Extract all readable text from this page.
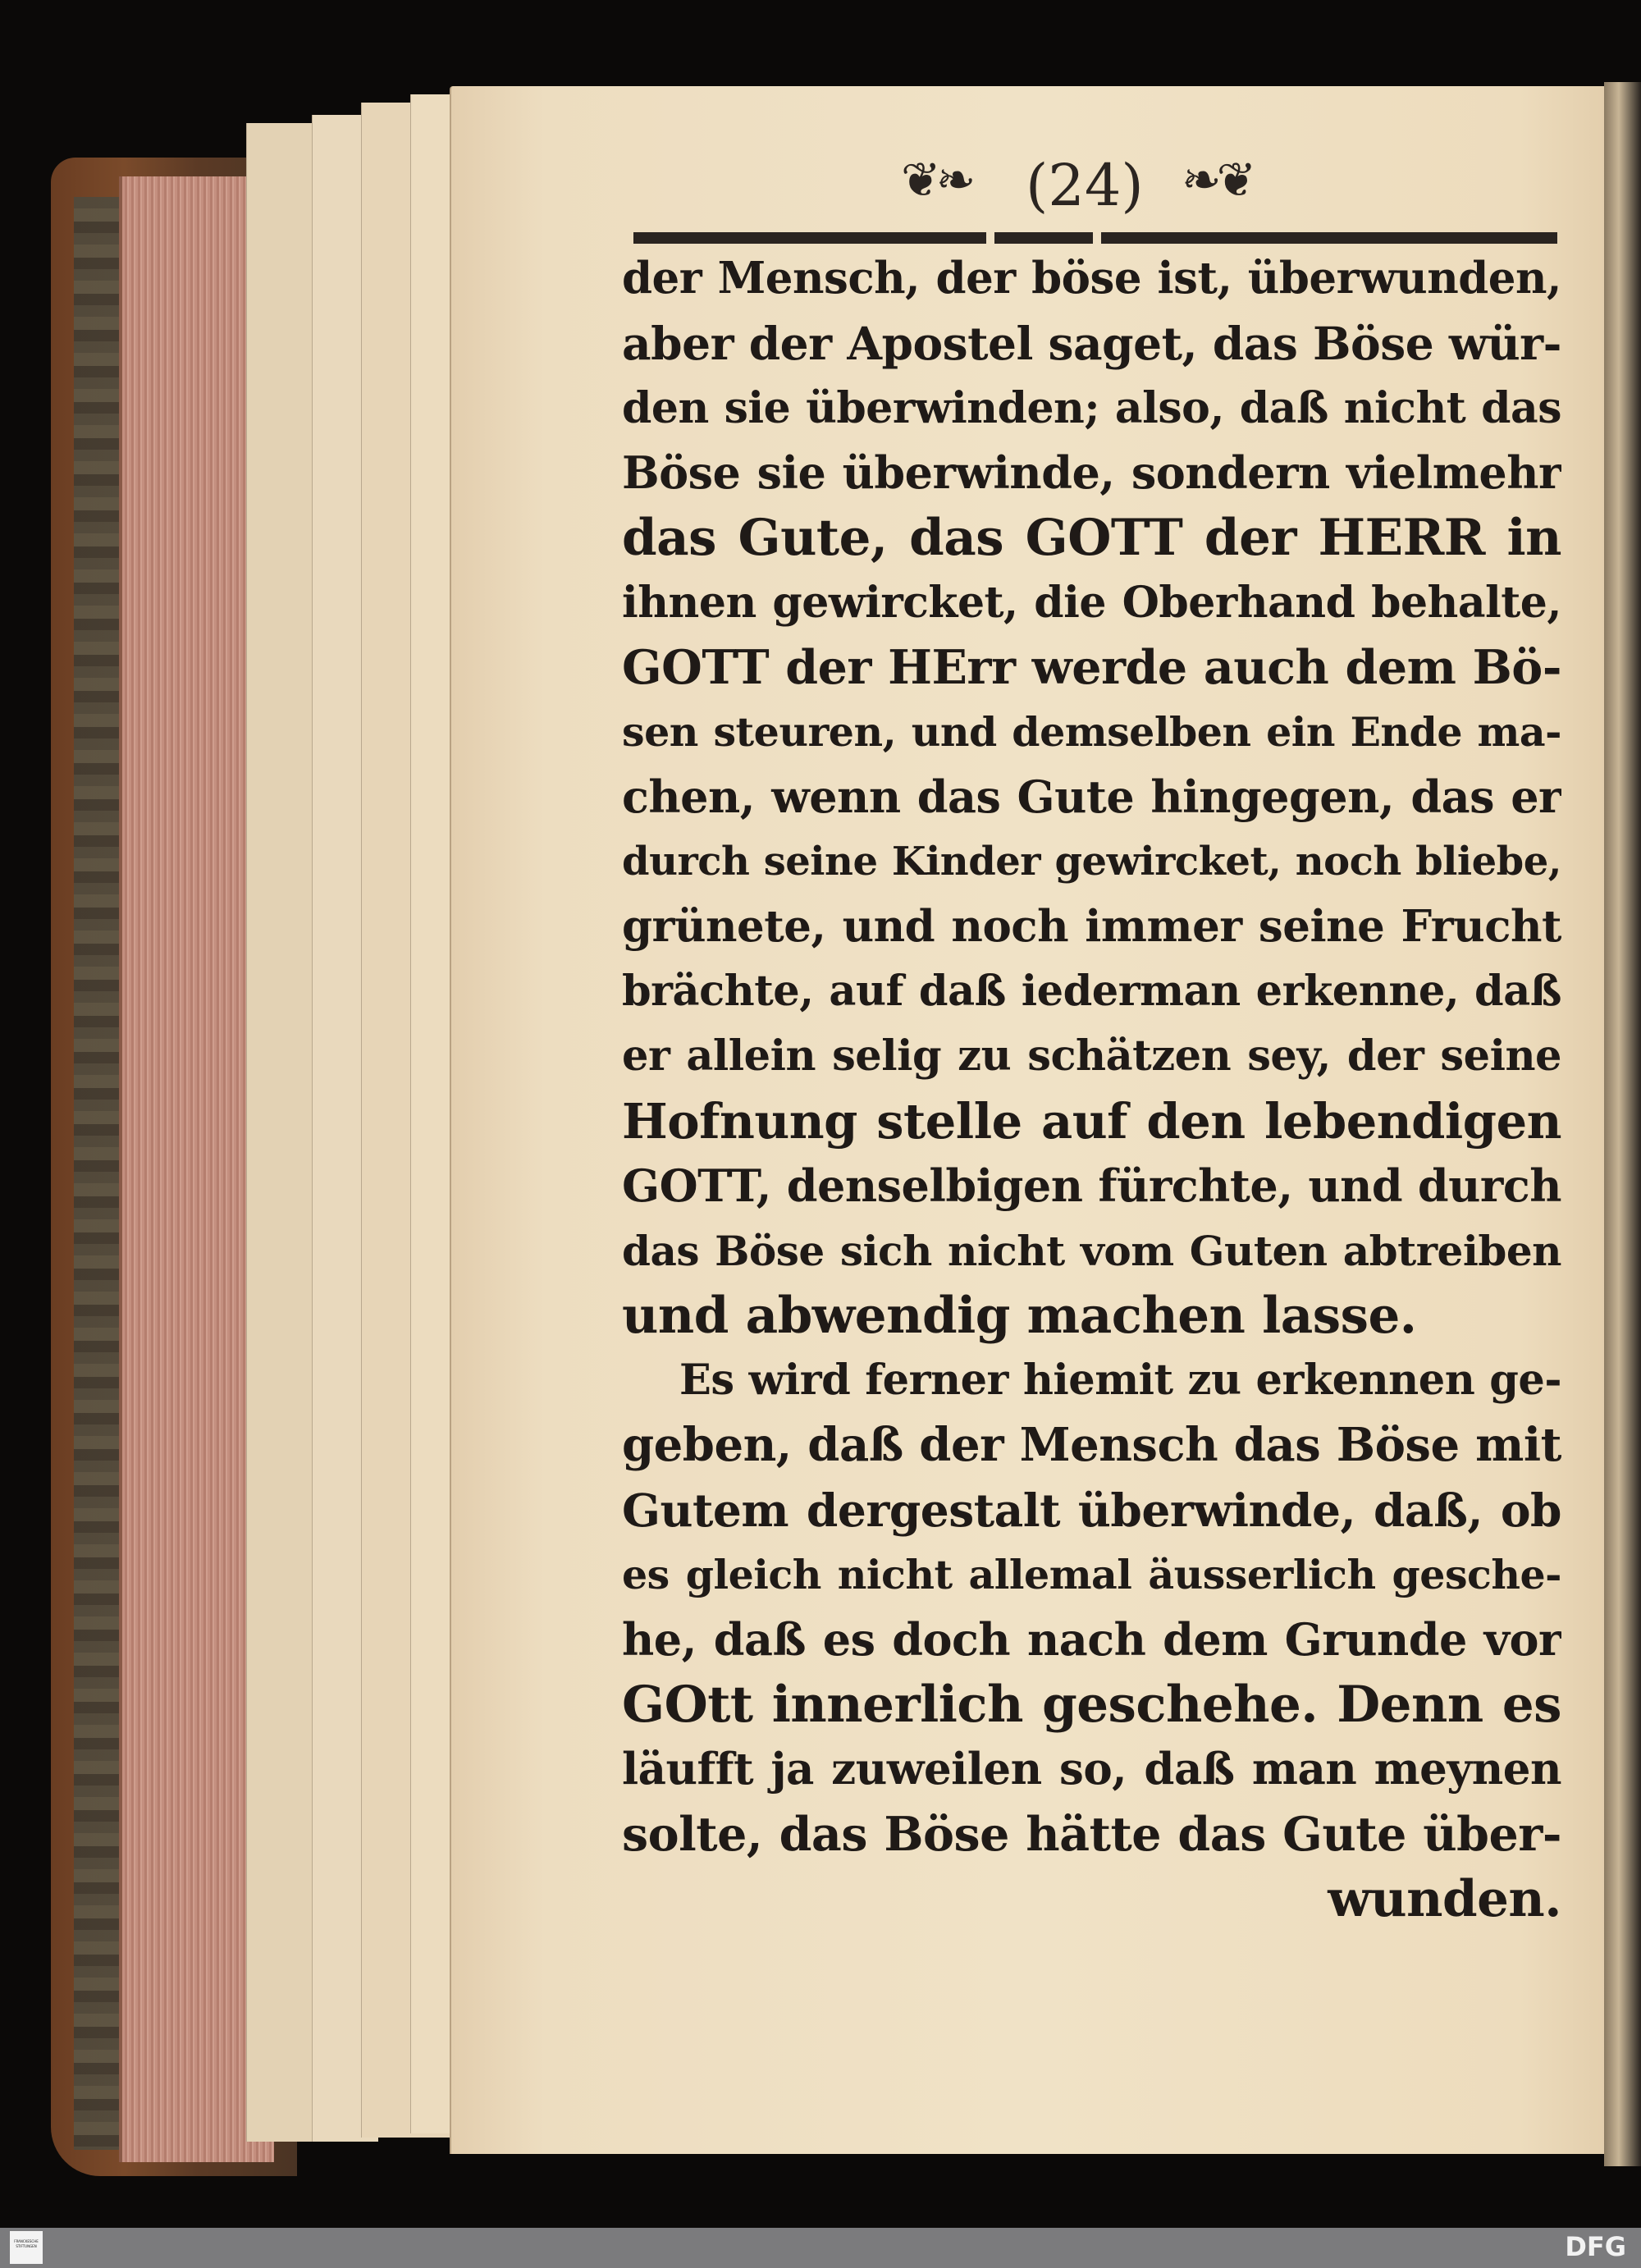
❦❧ (24) ❧❦
der Mensch, der böse ist, überwunden,
aber der Apostel saget, das Böse wür-
den sie überwinden; also, daß nicht das
Böse sie überwinde, sondern vielmehr
das Gute, das GOTT der HERR in
ihnen gewircket, die Oberhand behalte,
GOTT der HErr werde auch dem Bö-
sen steuren, und demselben ein Ende ma-
chen, wenn das Gute hingegen, das er
durch seine Kinder gewircket, noch bliebe,
grünete, und noch immer seine Frucht
brächte, auf daß iederman erkenne, daß
er allein selig zu schätzen sey, der seine
Hofnung stelle auf den lebendigen
GOTT, denselbigen fürchte, und durch
das Böse sich nicht vom Guten abtreiben
und abwendig machen lasse.
Es wird ferner hiemit zu erkennen ge-
geben, daß der Mensch das Böse mit
Gutem dergestalt überwinde, daß, ob
es gleich nicht allemal äusserlich gesche-
he, daß es doch nach dem Grunde vor
GOtt innerlich geschehe. Denn es
läufft ja zuweilen so, daß man meynen
solte, das Böse hätte das Gute über-
wunden.
FRANCKESCHE STIFTUNGEN	DFG
